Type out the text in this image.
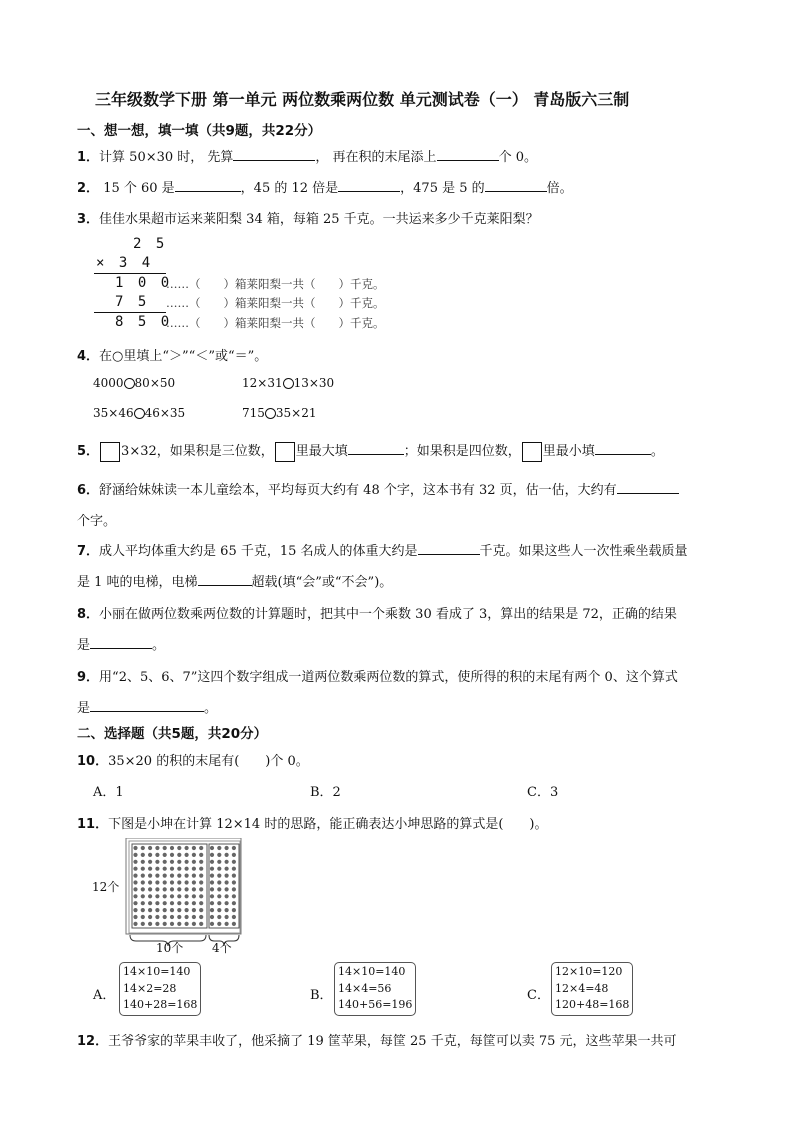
三年级数学下册 第一单元 两位数乘两位数 单元测试卷（一） 青岛版六三制
一、想一想，填一填（共9题，共22分）
1．计算 50×30 时， 先算	， 再在积的末尾添上	个 0。
2． 15 个 60 是	，45 的 12 倍是	，475 是 5 的	倍。
3．佳佳水果超市运来莱阳梨 34 箱，每箱 25 千克。一共运来多少千克莱阳梨？
2 5
× 3 4
1 0 0
7 5
8 5 0
……（　　）箱莱阳梨一共（　　）千克。
……（　　）箱莱阳梨一共（　　）千克。
……（　　）箱莱阳梨一共（　　）千克。
4．在○里填上“＞”“＜”或“＝”。
4000 80×50	12×31 13×30
35×46 46×35	715 35×21
5． 3×32，如果积是三位数， 里最大填	；如果积是四位数， 里最小填	。
6．舒涵给妹妹读一本儿童绘本，平均每页大约有 48 个字，这本书有 32 页，估一估，大约有
个字。
7．成人平均体重大约是 65 千克，15 名成人的体重大约是	千克。如果这些人一次性乘坐载质量
是 1 吨的电梯，电梯	超载(填“会”或“不会”)。
8．小丽在做两位数乘两位数的计算题时，把其中一个乘数 30 看成了 3，算出的结果是 72，正确的结果
是	。
9．用“2、5、6、7”这四个数字组成一道两位数乘两位数的算式，使所得的积的末尾有两个 0、这个算式
是	。
二、选择题（共5题，共20分）
10．35×20 的积的末尾有(　　)个 0。
A．1	B．2	C．3
11．下图是小坤在计算 12×14 时的思路，能正确表达小坤思路的算式是(　　)。
12个
10个 4个
A．
14×10=140
14×2=28
140+28=168
B．
14×10=140
14×4=56
140+56=196
C．
12×10=120
12×4=48
120+48=168
12．王爷爷家的苹果丰收了，他采摘了 19 筐苹果，每筐 25 千克，每筐可以卖 75 元，这些苹果一共可
